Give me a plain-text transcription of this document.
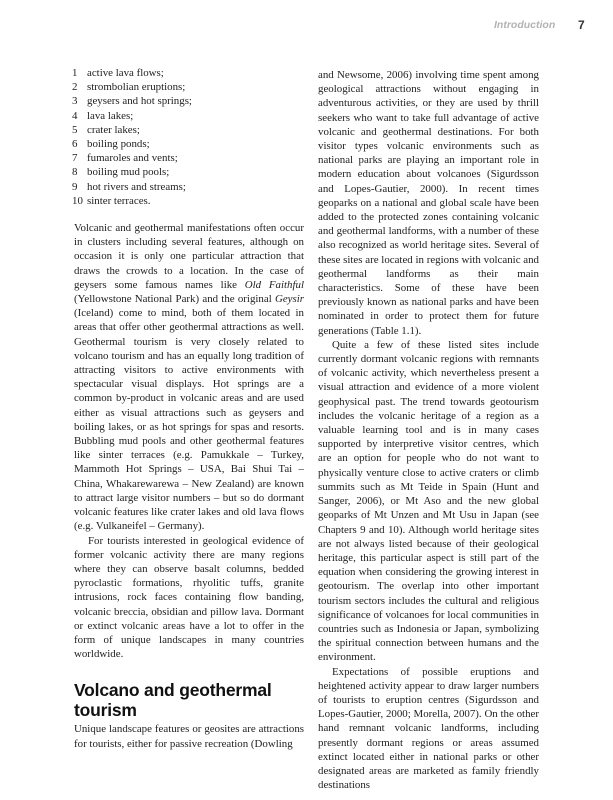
Introduction 7
1 active lava flows;
2 strombolian eruptions;
3 geysers and hot springs;
4 lava lakes;
5 crater lakes;
6 boiling ponds;
7 fumaroles and vents;
8 boiling mud pools;
9 hot rivers and streams;
10 sinter terraces.

Volcanic and geothermal manifestations often occur in clusters including several features, although on occasion it is only one particular attraction that draws the crowds to a location. In the case of geysers some famous names like Old Faithful (Yellowstone National Park) and the original Geysir (Iceland) come to mind, both of them located in areas that offer other geothermal attractions as well. Geothermal tourism is very closely related to volcano tourism and has an equally long tradition of attracting visitors to active environments with spectacular visual displays. Hot springs are a common by-product in volcanic areas and are used either as visual attractions such as geysers and boiling lakes, or as hot springs for spas and resorts. Bubbling mud pools and other geothermal features like sinter terraces (e.g. Pamukkale – Turkey, Mammoth Hot Springs – USA, Bai Shui Tai – China, Whakarewarewa – New Zealand) are known to attract large visitor numbers – but so do dormant volcanic features like crater lakes and old lava flows (e.g. Vulkaneifel – Germany).

For tourists interested in geological evidence of former volcanic activity there are many regions where they can observe basalt columns, bedded pyroclastic formations, rhyolitic tuffs, granite intrusions, rock faces containing flow banding, volcanic breccia, obsidian and pillow lava. Dormant or extinct volcanic areas have a lot to offer in the form of unique landscapes in many countries worldwide.

Volcano and geothermal
tourism

Unique landscape features or geosites are attractions for tourists, either for passive recreation (Dowling

and Newsome, 2006) involving time spent among geological attractions without engaging in adventurous activities, or they are used by thrill seekers who want to take full advantage of active volcanic and geothermal destinations. For both visitor types volcanic environments such as national parks are playing an important role in modern education about volcanoes (Sigurdsson and Lopes-Gautier, 2000). In recent times geoparks on a national and global scale have been added to the protected zones containing volcanic and geothermal landforms, with a number of these also recognized as world heritage sites. Several of these sites are located in regions with volcanic and geothermal landforms as their main characteristics. Some of these have been previously known as national parks and have been nominated in order to protect them for future generations (Table 1.1).

Quite a few of these listed sites include currently dormant volcanic regions with remnants of volcanic activity, which nevertheless present a visual attraction and evidence of a more violent geophysical past. The trend towards geotourism includes the volcanic heritage of a region as a valuable learning tool and is in many cases supported by interpretive visitor centres, which are an option for people who do not want to physically venture close to active craters or climb summits such as Mt Teide in Spain (Hunt and Sanger, 2006), or Mt Aso and the new global geoparks of Mt Unzen and Mt Usu in Japan (see Chapters 9 and 10). Although world heritage sites are not always listed because of their geological heritage, this particular aspect is still part of the equation when considering the growing interest in geotourism. The overlap into other important tourism sectors includes the cultural and religious significance of volcanoes for local communities in countries such as Indonesia or Japan, symbolizing the spiritual connection between humans and the environment.

Expectations of possible eruptions and heightened activity appear to draw larger numbers of tourists to eruption centres (Sigurdsson and Lopes-Gautier, 2000; Morella, 2007). On the other hand remnant volcanic landforms, including presently dormant regions or areas assumed extinct located either in national parks or other designated areas are marketed as family friendly destinations
